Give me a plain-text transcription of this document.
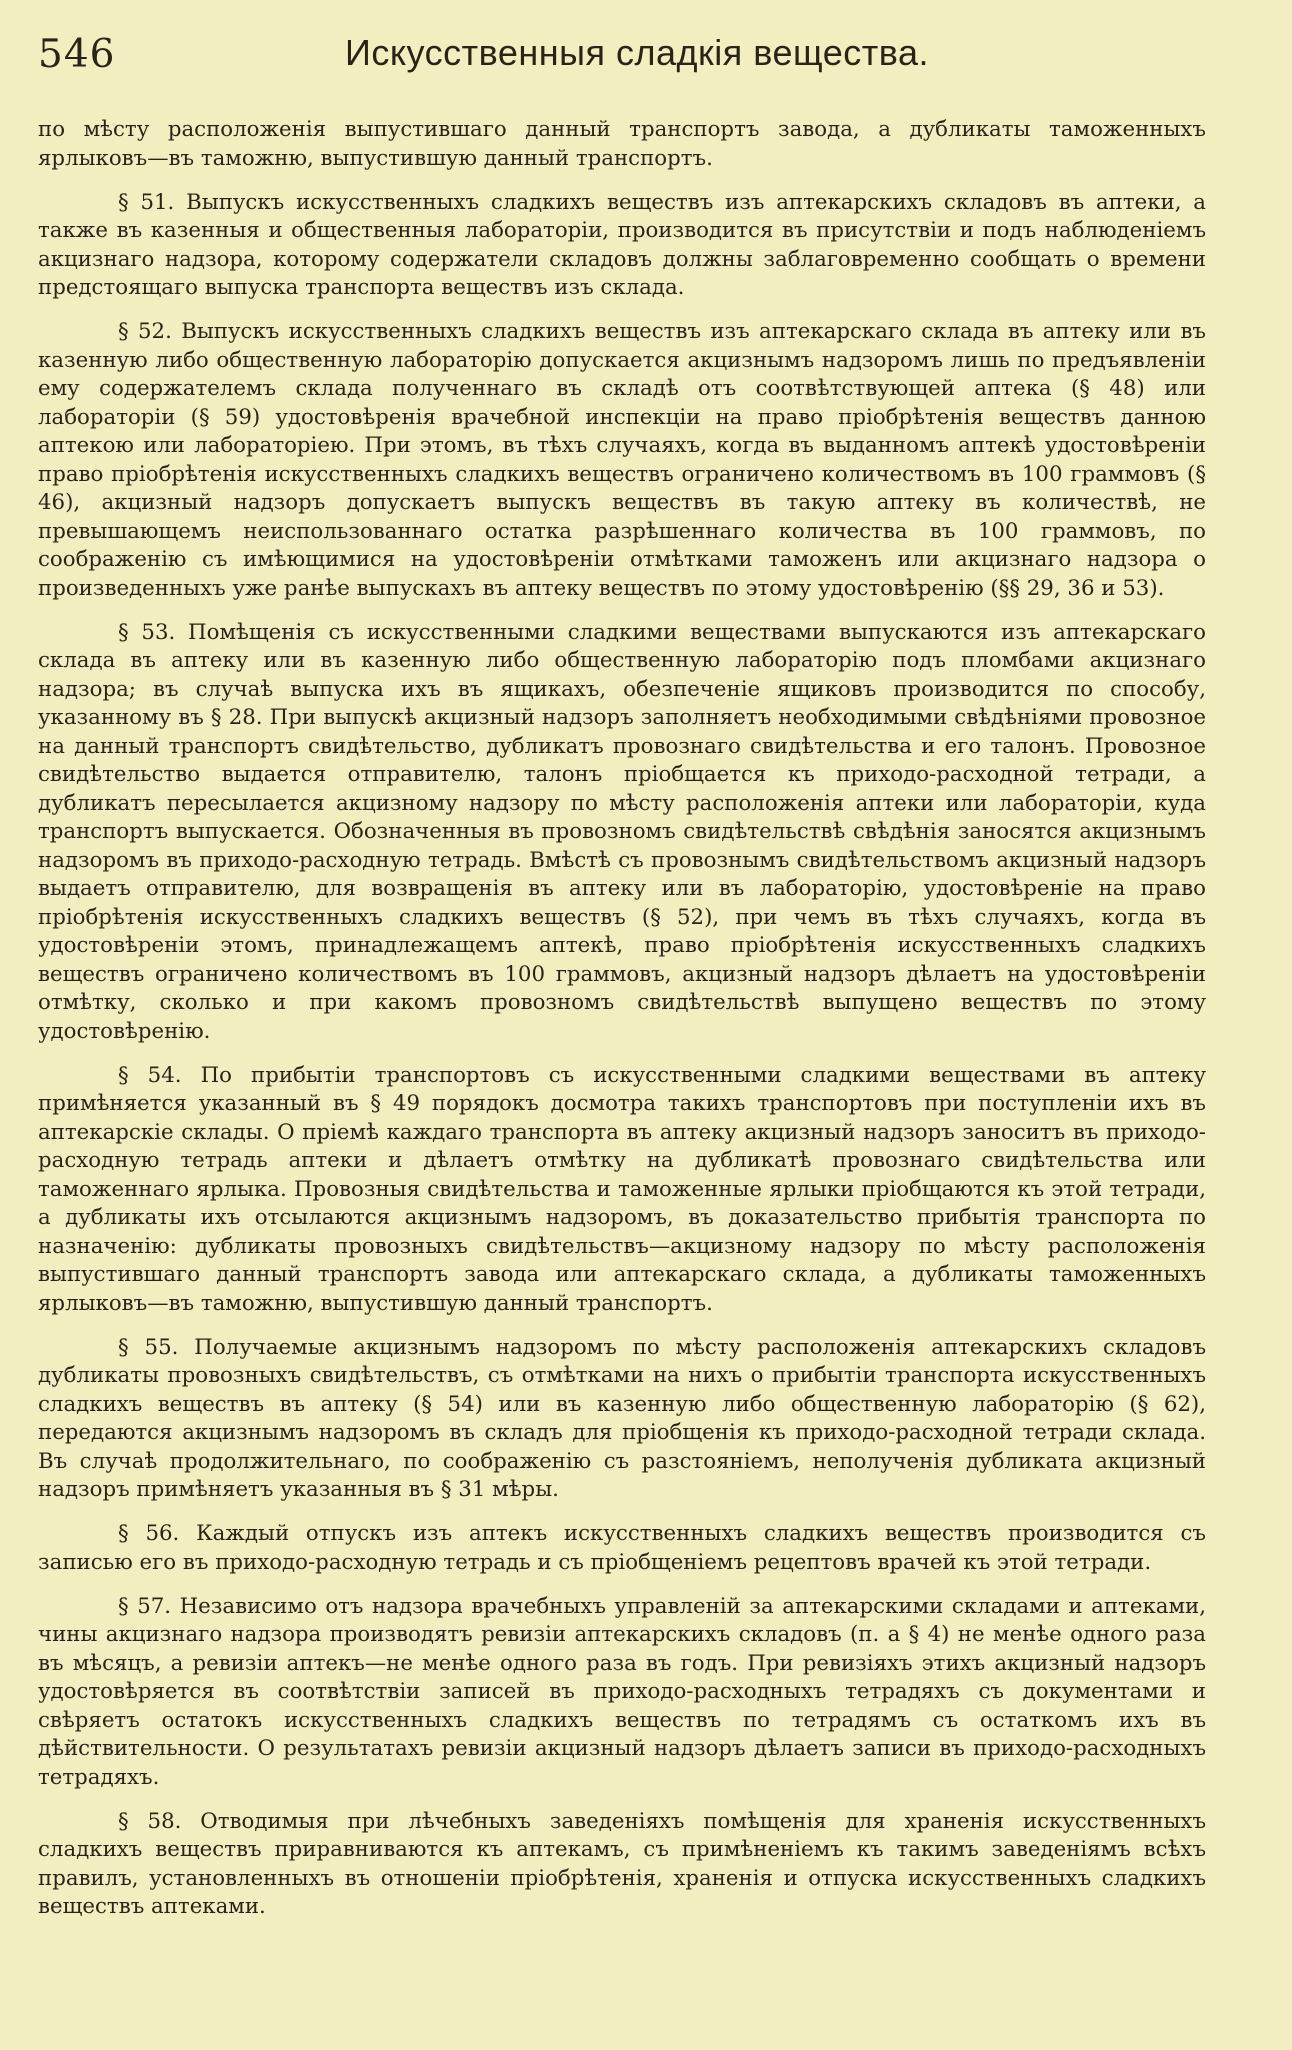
546	Искусственныя сладкія вещества.

по мѣсту расположенія выпустившаго данный транспортъ завода, а дубликаты таможенныхъ ярлыковъ—въ таможню, выпустившую данный транспортъ.

§ 51. Выпускъ искусственныхъ сладкихъ веществъ изъ аптекарскихъ складовъ въ аптеки, а также въ казенныя и общественныя лабораторіи, производится въ присутствіи и подъ наблюденіемъ акцизнаго надзора, которому содержатели складовъ должны заблаговременно сообщать о времени предстоящаго выпуска транспорта веществъ изъ склада.

§ 52. Выпускъ искусственныхъ сладкихъ веществъ изъ аптекарскаго склада въ аптеку или въ казенную либо общественную лабораторію допускается акцизнымъ надзоромъ лишь по предъявленіи ему содержателемъ склада полученнаго въ складѣ отъ соотвѣтствующей аптека (§ 48) или лабораторіи (§ 59) удостовѣренія врачебной инспекціи на право пріобрѣтенія веществъ данною аптекою или лабораторіею. При этомъ, въ тѣхъ случаяхъ, когда въ выданномъ аптекѣ удостовѣреніи право пріобрѣтенія искусственныхъ сладкихъ веществъ ограничено количествомъ въ 100 граммовъ (§ 46), акцизный надзоръ допускаетъ выпускъ веществъ въ такую аптеку въ количествѣ, не превышающемъ неиспользованнаго остатка разрѣшеннаго количества въ 100 граммовъ, по соображенію съ имѣющимися на удостовѣреніи отмѣтками таможенъ или акцизнаго надзора о произведенныхъ уже ранѣе выпускахъ въ аптеку веществъ по этому удостовѣренію (§§ 29, 36 и 53).

§ 53. Помѣщенія съ искусственными сладкими веществами выпускаются изъ аптекарскаго склада въ аптеку или въ казенную либо общественную лабораторію подъ пломбами акцизнаго надзора; въ случаѣ выпуска ихъ въ ящикахъ, обезпеченіе ящиковъ производится по способу, указанному въ § 28. При выпускѣ акцизный надзоръ заполняетъ необходимыми свѣдѣніями провозное на данный транспортъ свидѣтельство, дубликатъ провознаго свидѣтельства и его талонъ. Провозное свидѣтельство выдается отправителю, талонъ пріобщается къ приходо-расходной тетради, а дубликатъ пересылается акцизному надзору по мѣсту расположенія аптеки или лабораторіи, куда транспортъ выпускается. Обозначенныя въ провозномъ свидѣтельствѣ свѣдѣнія заносятся акцизнымъ надзоромъ въ приходо-расходную тетрадь. Вмѣстѣ съ провознымъ свидѣтельствомъ акцизный надзоръ выдаетъ отправителю, для возвращенія въ аптеку или въ лабораторію, удостовѣреніе на право пріобрѣтенія искусственныхъ сладкихъ веществъ (§ 52), при чемъ въ тѣхъ случаяхъ, когда въ удостовѣреніи этомъ, принадлежащемъ аптекѣ, право пріобрѣтенія искусственныхъ сладкихъ веществъ ограничено количествомъ въ 100 граммовъ, акцизный надзоръ дѣлаетъ на удостовѣреніи отмѣтку, сколько и при какомъ провозномъ свидѣтельствѣ выпущено веществъ по этому удостовѣренію.

§ 54. По прибытіи транспортовъ съ искусственными сладкими веществами въ аптеку примѣняется указанный въ § 49 порядокъ досмотра такихъ транспортовъ при поступленіи ихъ въ аптекарскіе склады. О пріемѣ каждаго транспорта въ аптеку акцизный надзоръ заноситъ въ приходо-расходную тетрадь аптеки и дѣлаетъ отмѣтку на дубликатѣ провознаго свидѣтельства или таможеннаго ярлыка. Провозныя свидѣтельства и таможенные ярлыки пріобщаются къ этой тетради, а дубликаты ихъ отсылаются акцизнымъ надзоромъ, въ доказательство прибытія транспорта по назначенію: дубликаты провозныхъ свидѣтельствъ—акцизному надзору по мѣсту расположенія выпустившаго данный транспортъ завода или аптекарскаго склада, а дубликаты таможенныхъ ярлыковъ—въ таможню, выпустившую данный транспортъ.

§ 55. Получаемые акцизнымъ надзоромъ по мѣсту расположенія аптекарскихъ складовъ дубликаты провозныхъ свидѣтельствъ, съ отмѣтками на нихъ о прибытіи транспорта искусственныхъ сладкихъ веществъ въ аптеку (§ 54) или въ казенную либо общественную лабораторію (§ 62), передаются акцизнымъ надзоромъ въ складъ для пріобщенія къ приходо-расходной тетради склада. Въ случаѣ продолжительнаго, по соображенію съ разстояніемъ, неполученія дубликата акцизный надзоръ примѣняетъ указанныя въ § 31 мѣры.

§ 56. Каждый отпускъ изъ аптекъ искусственныхъ сладкихъ веществъ производится съ записью его въ приходо-расходную тетрадь и съ пріобщеніемъ рецептовъ врачей къ этой тетради.

§ 57. Независимо отъ надзора врачебныхъ управленій за аптекарскими складами и аптеками, чины акцизнаго надзора производятъ ревизіи аптекарскихъ складовъ (п. а § 4) не менѣе одного раза въ мѣсяцъ, а ревизіи аптекъ—не менѣе одного раза въ годъ. При ревизіяхъ этихъ акцизный надзоръ удостовѣряется въ соотвѣтствіи записей въ приходо-расходныхъ тетрадяхъ съ документами и свѣряетъ остатокъ искусственныхъ сладкихъ веществъ по тетрадямъ съ остаткомъ ихъ въ дѣйствительности. О результатахъ ревизіи акцизный надзоръ дѣлаетъ записи въ приходо-расходныхъ тетрадяхъ.

§ 58. Отводимыя при лѣчебныхъ заведеніяхъ помѣщенія для храненія искусственныхъ сладкихъ веществъ приравниваются къ аптекамъ, съ примѣненіемъ къ такимъ заведеніямъ всѣхъ правилъ, установленныхъ въ отношеніи пріобрѣтенія, храненія и отпуска искусственныхъ сладкихъ веществъ аптеками.
